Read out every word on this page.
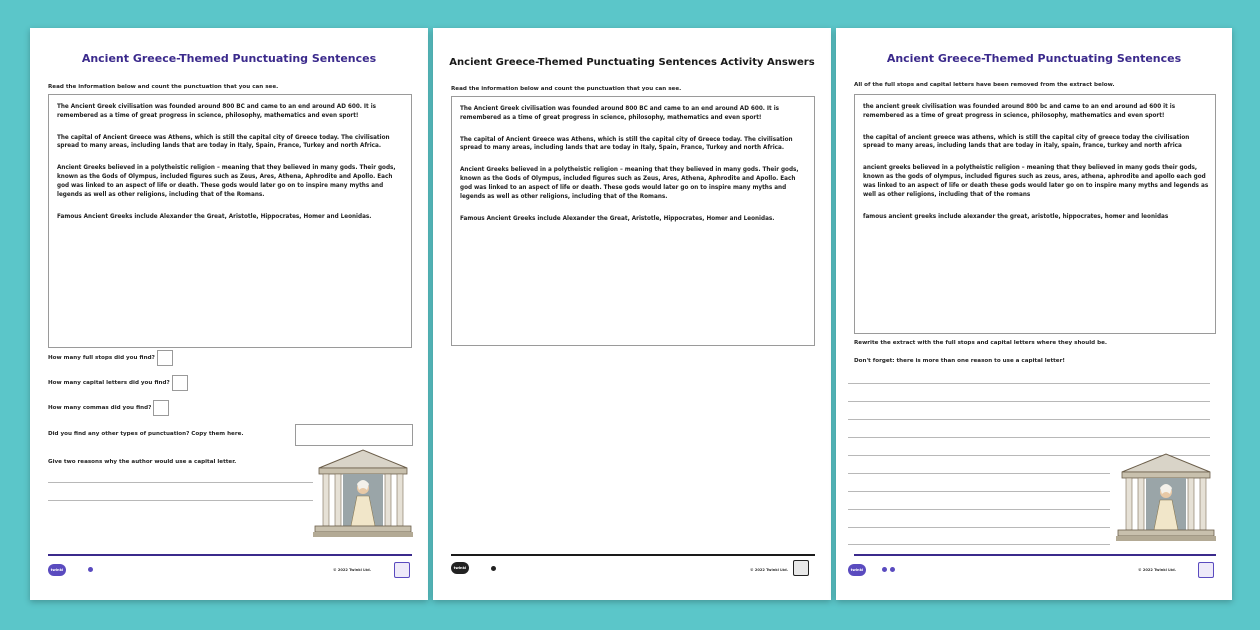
Ancient Greece-Themed Punctuating Sentences
Read the information below and count the punctuation that you can see.

The Ancient Greek civilisation was founded around 800 BC and came to an end around AD 600. It is remembered as a time of great progress in science, philosophy, mathematics and even sport!

The capital of Ancient Greece was Athens, which is still the capital city of Greece today. The civilisation spread to many areas, including lands that are today in Italy, Spain, France, Turkey and north Africa.

Ancient Greeks believed in a polytheistic religion – meaning that they believed in many gods. Their gods, known as the Gods of Olympus, included figures such as Zeus, Ares, Athena, Aphrodite and Apollo. Each god was linked to an aspect of life or death. These gods would later go on to inspire many myths and legends as well as other religions, including that of the Romans.

Famous Ancient Greeks include Alexander the Great, Aristotle, Hippocrates, Homer and Leonidas.

How many full stops did you find?
How many capital letters did you find?
How many commas did you find?
Did you find any other types of punctuation? Copy them here.
Give two reasons why the author would use a capital letter.
twinkl	© 2022 Twinkl Ltd.
Ancient Greece-Themed Punctuating Sentences Activity Answers
Read the information below and count the punctuation that you can see.

The Ancient Greek civilisation was founded around 800 BC and came to an end around AD 600. It is remembered as a time of great progress in science, philosophy, mathematics and even sport!

The capital of Ancient Greece was Athens, which is still the capital city of Greece today. The civilisation spread to many areas, including lands that are today in Italy, Spain, France, Turkey and north Africa.

Ancient Greeks believed in a polytheistic religion – meaning that they believed in many gods. Their gods, known as the Gods of Olympus, included figures such as Zeus, Ares, Athena, Aphrodite and Apollo. Each god was linked to an aspect of life or death. These gods would later go on to inspire many myths and legends as well as other religions, including that of the Romans.

Famous Ancient Greeks include Alexander the Great, Aristotle, Hippocrates, Homer and Leonidas.

twinkl	© 2022 Twinkl Ltd.
Ancient Greece-Themed Punctuating Sentences
All of the full stops and capital letters have been removed from the extract below.

the ancient greek civilisation was founded around 800 bc and came to an end around ad 600 it is remembered as a time of great progress in science, philosophy, mathematics and even sport!

the capital of ancient greece was athens, which is still the capital city of greece today the civilisation spread to many areas, including lands that are today in italy, spain, france, turkey and north africa

ancient greeks believed in a polytheistic religion – meaning that they believed in many gods their gods, known as the gods of olympus, included figures such as zeus, ares, athena, aphrodite and apollo each god was linked to an aspect of life or death these gods would later go on to inspire many myths and legends as well as other religions, including that of the romans

famous ancient greeks include alexander the great, aristotle, hippocrates, homer and leonidas

Rewrite the extract with the full stops and capital letters where they should be.
Don't forget: there is more than one reason to use a capital letter!
twinkl	© 2022 Twinkl Ltd.
